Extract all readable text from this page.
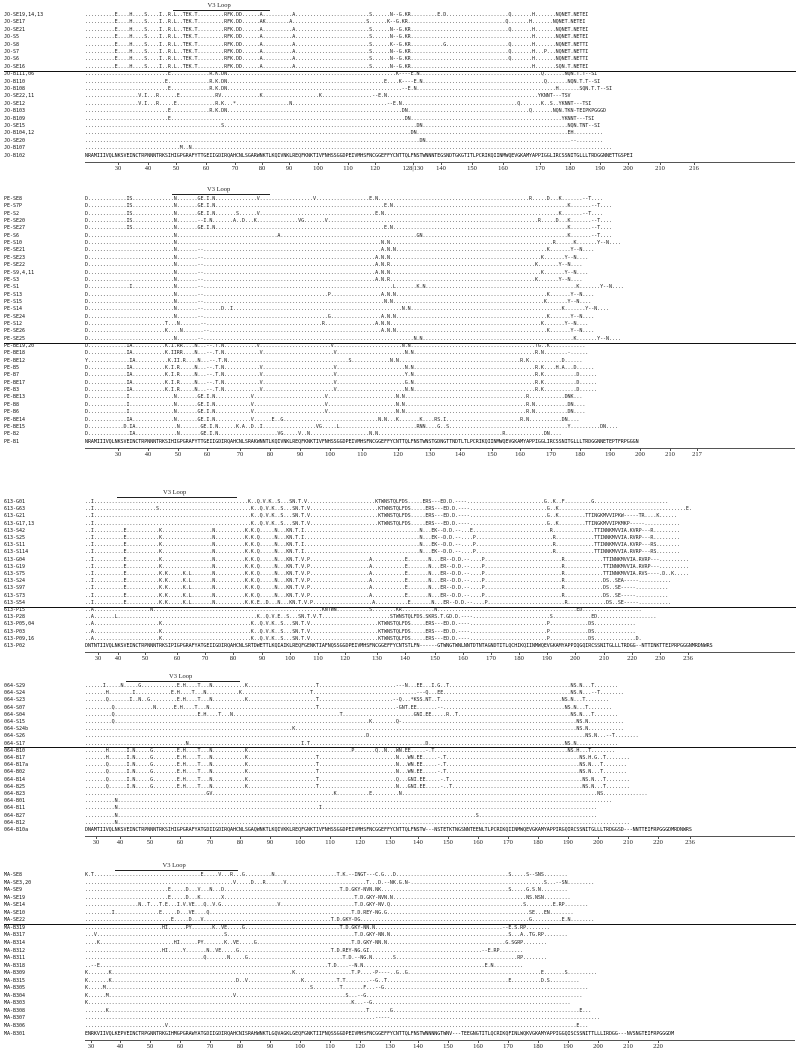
V3 Loop
JO-SE19,14,13	..........E....H....S....I..R.L..TEK.T.........RFK.DD......A..........A.........................S......N--G.KR.........E.D.....................Q.......H.......NQNET.NETEI
JO-SE17	..........E....H....S....I..R.L..TEK.T.........RFK.DD......AK........A.........................S......K--G.KR.................................Q.......H.......NQNET.NETEI
JO-SE21	..........E....H....S....I..R.L..TEK.T.........RFK.DD......A..........A.........................S......N--G.KR.................................Q.......H.......NQNET.NETEI
JO-S5	..........E....H....S....I..R.L..TEK.T.........RFK.DD......A..........A.........................S......N--G.KR.........................................H.......NQNET.NETEI
JO-S8	..........E....H....S....I..R.L..TEK.T.........RFK.DD......A..........A.........................S......K--G.KR...........G.....................Q.......H.......NQNET.NETTI
JO-S7	..........E....H....S....I..R.L..TEK.T.........RFK.DD......A..........A.........................S......N--G.KR.................................Q.......H...P...NQNET.NETTI
JO-S6	..........E....H....S....I..R.L..TEK.T.........RFK.DD......A..........A.........................S......N--G.KR.................................Q.......H.......NQNET.NETTI
JO-SE16	..........E....H....S....I..R.L..TEK.T.........RFK.DD......A..........A.........................S......N--G.KR.........................................H.......SQN.T.NETEI
JO-B111,06	............................E.............R.K.DN.........................................................K----E.N.........................................Q.......NQN.T.T--SI
JO-B110	...........................E..............R.K.DN.....................................................E....K----E.N.........................................Q.......NQN.T.T--SI
JO-B108	............................E.............R.K.DN...........................................................--E.N...............................................H.......SQN.T.T--SI
JO-SE22,11	..................V.I...R......E............RV.............K...................K.................--E.N...................................................YKNNT---TSV
JO-SE12	..................V.I...R.....E.............R.K...*..................N................................--E.N.......................................Q.......K..S..YKNNT---TSI
JO-B103	............................E.............R.K.DN...........................................................DN.........................................Q.......NQN.TKN-TEIPKPGGGD
JO-B109	............................E...............................................................................DN...................................................YKNNT---TSI
JO-SE15	..............................................S.................................................................DN.................................................NQN.TNT--SI
JO-B104,12	..............................................................................................................DN...................................................EH..........
JO-SE20	.................................................................................................................DN.................................................--.........
JO-B107	................................M..N..............................................................................................................................................
JO-B102	NRAMIIIVQLNKSVEINCTRPNNNTRKSIHIGPGRAFYTTGEIIGDIRQAHCNLSGARWNKTLKQIVNKLREQFKNKTIVFNHSSGGDPEIVMHSFNCGGEFFYCNTTQLFNSTWNNNTEGSNDTGKGTITLPCRIKQIINMWQEVGKAMYAPPIGGLIRCSSNITGLLLTRDGGNNETTGSPEI
30	40	50	60	70	80	90	100	110	120	128|130 140	150	160	170	180	190	200	210	216
V3 Loop
PE-SE8	D.............IS..............N.......GE.I.N..............V..................V..................E.N...................................................R.....D...K.......--T....
PE-S7P	D.............IS..............N.......GE.I.N.........................................................E.N...........................................................K.......--T....
PE-S2	D.............IS..............N.......GE.I.N.......S......V.......................................E.N...........................................................K.......--T....
PE-SE20	D.............IS..............N.......--I.N.......A..D...K..............VG.......V.......................................................................R.....D...K.......--T....
PE-SE27	D.............IS..............N.......GE.I.N.........................................................E.N...........................................................K.......--T....
PE-S6	D.............................N..................................A..............................................GN.................................................K.......--T....
PE-S10	D.............................N.....................................................................N.N.......................................................R......K.......Y--N....
PE-SE21	D.............................N.......--............................................................A.N.N...................................................K.......Y--N....
PE-SE23	D.............................N.......--..........................................................A.N.N...................................................K.......Y--N....
PE-SE22	D.............................N.......--..........................................................A.N.R.................................................K.......Y--N....
PE-S9,4,11	D.............................N.......--..........................................................A.N.N...................................................K.......Y--N....
PE-S3	D.............................N.......--..........................................................A.N.R.................................................K.......Y--N....
PE-S1	D..............I..............N.......--................................................................L.......K.N...................................................K.......Y--N....
PE-S13	D.............................N.......--..........................................P.................A.N.N...................................................K.......Y--N....
PE-S15	D.............................N.......--.............................................................N.N...................................................K.......Y--N....
PE-S14	D.............................N.......--......D..I.........................................................N.N...................................................K.......Y--N....
PE-SE24	D.............................N.......--..........................................G.................A.N.N...................................................K.......Y--N....
PE-S12	D..........................T...N.......--.......................................R.................A.N.N...................................................K.......Y--N....
PE-SE26	D..........................K....N.......--..........................................................A.N.N...................................................K.......Y--N....
PE-SE25	D.............................N.......--.......................................................................N.N...................................................K.......Y--N....
PE-BE19,20	D.............IA...........K.I.RR....N...--.T.N...........V........................V.......................N.N..........................................TG..K............
PE-BE18	D.............IA...........K.IIRR....N...--.T.N............V........................V.......................N.N.........................................R.N........-......
PE-BE12	Y..............IA...........K.II.R....N...--.T.N.........................................S.............N.N.........................................R.K...........D......
PE-B5	D.............IA...........K.I.R.....N...--.T.N............V........................V.......................N.N.........................................R.K....H.A...D......
PE-B7	D.............IA...........K.I.R.....N...--.T.N............V........................V.......................Y.N.........................................R.K...........D......
PE-BE17	D.............IA...........K.I.R.....N...--.T.N............V........................V.......................G.N.........................................R.K...........D......
PE-B3	D.............IA...........K.I.R.....N...--.T.N............V........................V.......................N.N.........................................R.K...........D......
PE-BE13	D.............I...............N.......GE.I.N............V........................V.......................N.N.........................................R............DNK...
PE-B8	D.............I...............N.......GE.I.N............V........................V.......................N.N.........................................R.N...........DN....
PE-B6	D.............I...............N.......GE.I.N............V........................V.......................N.N.........................................R.N...........DN....
PE-BE14	D.............IA..............N.......GE.I.N............V......E..G................................N.N...K.......K....RS.I.........................R.N...........DN....
PE-BE15	D............D.IA..............N.......GE.I.N......K.A..D..I..................VG.....L..........................RNN....G..S........................................Y..........DN....
PE-B2	D..............IA..............N.......GE.I.N....................VG.....V..N....................N.N..........................................R.............DN....
PE-B1	NRAMIIIVQLNKSVEINCTRPNNNTRKSIHIGPGRAFYTTGEIIGDIRQAHCNLSRAKWNNTLKQIVNKLREQFKNKTIVFNHSSGGDPEIVMHSFNCGGEFFYCNTTQLFNSTWNSTGDNGTTNDTLTLPCRIKQIINMWQEVGKAMYAPPIGGLIRCSSNITGLLLTRDGGNNETEPTFRPGGGN
30	40	50	60	70	80	90	100	110	120	130	140	150	160	170	180	190	200	210	217
V3 Loop
613-G01	..I....................................................K..Q.V.K..S...SN.T.V.......................KTWNSTQLFDS.....ERS---ED.D.----..........................G..K..F.........G.........................
613-G63	..I.....................S...............................K..Q.V.K..S...SN.T.V.......................KTWNSTQLFDS.....ERS---ED.D.----..........................G..K...........................................E.
613-G21	..I.....................................................K..Q.V.K..S...SN.T.V.......................KTWNSTQLFDS.....ERS---ED.D.----..........................G..K.........TTINGKMVVIPKW-----TR....K......
613-G17,13	..I.....................................................K..Q.V.K..S...SN.T.V.......................KTWNSTQLFDS.....ERS---ED.D.----..........................G..K.........TTINGKMVVIPKMKP-----............
613-S42	..I..........E...........K.................N..........K.K.Q.....N...KN.T.I.......................................N...EK--D.D.--...E..........................R..............TTINNKMVVIA.KVRP---R.........
613-S25	..I..........E...........K.................N..........K.K.Q.....N...KN.T.I.......................................N...EK--D.D.--....P..........................R.............TTINNKMVVIA.RVRP---R.........
613-S11	..I..........E...........K.................N..........K.K.Q.....N...KN.T.I.......................................N...EK--D.D.--....P..........................R.............TTINNKMVVIA.KVRP---RS........
613-S114	..I..........E...........K.................N..........K.K.Q.....N...KN.T.I.......................................N...EK--D.D.--....P..........................R.............TTINNKMVVIA.RVRP---RS........
613-G04	..I..........E...........K.................N..........K.K.Q.....N...KN.T.V.P....................A...........E.......N...ER--D.D.--....P..........................R.............TTINNKMVVIA.RVRP---..........
613-G19	..I..........E...........K.................N..........K.K.Q.....N...KN.T.V.P....................A...........E.......N...ER--D.D.--....P..........................R.............TTINNKMVVIA.RVRP---..........
613-S75	..I..........E...........K.K.....K.L.......N..........K.K.Q.....N...KN.T.V.P....................A...........E.......N...ER--D.D.--....P..........................R.............TTINNKMVVIA.RVS----.D..K.....
613-S24	..I..........E...........K.K.....K.L.......N..........K.K.Q.....N...KN.T.V.P....................A...........E.......N...ER--D.D.--....P..........................R.............DS..SEA-----...........
613-S97	..I..........E...........K.K.....K.L.......N..........K.K.Q.....N...KN.T.V.P....................A...........E.......N...ER--D.D.--....P..........................R.............DS..SE-----...........
613-S73	..I..........E...........K.K.....K.L.......N..........K.K.Q.....N...KN.T.V.P....................A...........E.......N...ER--D.D.--....P..........................R.............DS..SE-----...........
613-S54	..I..........E...........K.K.....K.L.......N..........K.K.E..D...N...KN.T.V.P....................A...........E.......N...ER--D.D.--....P..........................R.............DS..SE-----...........
613-P15	..A...................N.........................................................KNTWN...........S........KR...........N...............................................ED....................
613-P28	..A.......L...............................................K..Q.V.E..S...SN.T.V.T.......................STWNSTQLFDS.SKRS.T.GD.D.----..........................S.............ED....................
613-P05,04	..A......................K..............................K..Q.V.K..S...SN.T.V.......................KTWNSTQLFDS.....ERS---ED.D.----..........................P.............DS..............
613-P03	..A......................K..............................K..Q.V.K..S...SN.T.V.......................KTWNSTQLFDS.....ERS---ED.D.----..........................P.............DS..............
613-P09,16	..A......................K..............................K..Q.V.K..S...SN.T.V.......................KTWNSTQLFDS.....ERS---ED.D.----..........................P.............DS..............D.
613-P02	DNTNTIIVQLNKSVEINCTRPNNNTRKSIPIGPGRAFYATGEIIGDIRQAHCNLSRTDWETTLKQIAIKLREQFGENKTIAFNQSSGGDPEIVMHSFNCGGEFFYCNTSTLFN------GTWNGTWNLNNTDTNTAGNDTITLQCHIKQIINMWQEVGKAMYAPPIQGQIRCSSNITGLLLTRDGG--NTTINKTTEIPRPGGGNMRDNWRS
30 40	50	60	70	80	90	100	110	120	130	140	150	160	170	180	190	200	210	220	230	236
V3 Loop
064-S29	......I.....N.....G............E.H....T...N...........K.......................T..........................---N...EE...I.G..T.........................................NS.N...T........
064-S24	.......H........I............E.H....T...N...........K.......................T...................................---Q...EE...........................................NS.N...--T........
064-S23	.......Q.......I..N..G.........E.H....T...N...........K.......................T.........................--Q...*KSS.NT..T.........................................NS.N...T........
064-S07	.........Q.............N......E.H....T...N....................................T..........................-GNT.EE.......--.........................................NS.N...T........
064-S04	.........Q............................E.H....T...N....................................T........................GNI.EE.....R..T......................................NS.N...T........
064-S15	.........Q......................................................................................K........Q-...........................................................NS.N............
064-S24b	......................................................................K...............................................................................................NS.N............
064-S26	...............................................................................................D.........................................................................NS.N...--T........
064-S17	..................................N......................................I.T.......................................D..............................................NS.N..............
064-B10	.......H......I.N.....G........E.H....T...N...........K...................................P.......Q..N...WN.EE.....-.T.............................................NS.H...T........
064-B17	.......H......I.N.....G........E.H....T...N...........K.......................T..........................N...WN.EE.....-.T.............................................NS.H.G..T........
064-B17a	.......Q......I.N.....G........E.H....T...N...........K.......................T..........................N...WN.EE.....-.T.............................................NS.N...T........
064-B02	.......Q......I.N.....G........E.H....T...N...........K.......................T..........................N...WN.EE.....-.T.............................................NS.N...T........
064-B14	.......Q......I.N.....G........E.H....T...N...........K.......................T..........................Q...GNI.EE.....-.T.............................................NS.N...T........
064-B25	.......Q......I.N.....G........E.H....T...N...........K.......................T..........................N...GNI.EE.....-..T............................................NS.N...T........
064-B23	.........................................GV.........................................K...........E.........N..................................................................NS...............
064-B01	..........N.......................................................................................................................................................................
064-B11	..........N....................................................................I.............................................................................................
064-B27	..........N.........................................................................................................................S........................................
064-B12	..........N.............................................................................................................................................................................
064-B10a	DNAMTIIVQLNKSVEINCTRPNNNTRKSIHIGPGRAFYATGDIIGDIRQAHCNLSGAQWNKTLKQIVKKLREQFGNKTIVFNHSSGGDPEIVMHSFNCGGEFFYCNTTQLFNSTW---NSTETKTNGSNNTEENLTLPCRIKQIINMWQEVGKAMYAPPIRGQIRCSSNITGLLLTRDGGSD---NNTTEIFRPGGGDMRDNWRS
30	40	50	60	70	80	90	100	110	120	130	140	150	160	170	180	190	200	210	220	236
V3 Loop
MA-SE8	K.T....................................E.....V...R...G.........N.....................T.K.--INGT---C.G...D......................................S.....S--SNS........
MA-SE3,20	..................................................V.....D...R......V...........................T...D.--NK.G.N-.............................................S...--SN.........
MA-SE9	............................E.....D...V...N...D.......................................T.D.GKY-NVN.NK...........................................S.....G.S.N.........
MA-SE19	............................E.....D...K.......X............................................T.D.GKY-NVN.N.............................................NS.NSN.........
MA-SE14	..................N..T...T.E...I.V.VE...Q..V.G...................V.........................T.D.GKY-NV.Q.............................................S.........E.RP........
MA-SE10	.........I...............E.....D...VE....Q................................................T.D.REY-NG.G................................................SE...EN........
MA-SE22	.............................E.....D...V...........................................T.D.GKY-DG.........................................................G..........E.N........
MA-B319	..........................HI......PY.......K..VE.....G................................T.D.GKY-NN.N...........................................--E.S.RP........
MA-B317	...V...........................................S...........................................T.D.GKY-NN.N........................................S...A..TG.RP........
MA-B314	....K.........................HI......PY.......K..VE.....G................................T.D.GKY-NN.N........................................G.SGRP........
MA-B312	..........................HI.....Y.......N..VE.....G...............................T.D.REY-NG.GI......................................--E.RP........
MA-B311	........................................Q.......N.....G................................T.D.--NG.N.......S.........................................RP........
MA-B318	..--E.............................................................................T.D....--N.N.........................................E.N..........
MA-B309	K.......K.............................................................K...................T.P....-P----..G..G.............................................E.......S..........
MA-B315	K.......K..........................................D..V..................K...........T.T........--G..T.........................................E..........D.S..........
MA-B305	K.....M.....................................................................S.........T.......F...--G.....................................................................
MA-B304	K......M..........................................V.....................................S...--G.........................................................................
MA-B303	K.........................................................................................K...--G...................................................................
MA-B308	.......K.......................................................................................T.......G...............................................................E...
MA-B307	..................................................................................................-----.......................................................................
MA-B306	...........................V..........................................................................................................................................E...
MA-B301	ENRKVIIVQLKEPVEINCTRPGNNTRKGIHMGPGRAWYATGDIIGDIRQAHCNISRAHWNKTLGQVAGKLGEQFGNKTIIFNQSSGGDPEIVMHSFNCGGEFFYCNTTQLFNSTWNNNNGTWNV---TEEGNGTITLQCRIKQFINLWQKVGKAMYAPPIGGQISCSSNITTLLLIRDGG---NVSNGTEIFRPGGGDM
30	40	50	60	70	80	90	100	110	120	130	140	150	160	170	180	190	200	210	220
